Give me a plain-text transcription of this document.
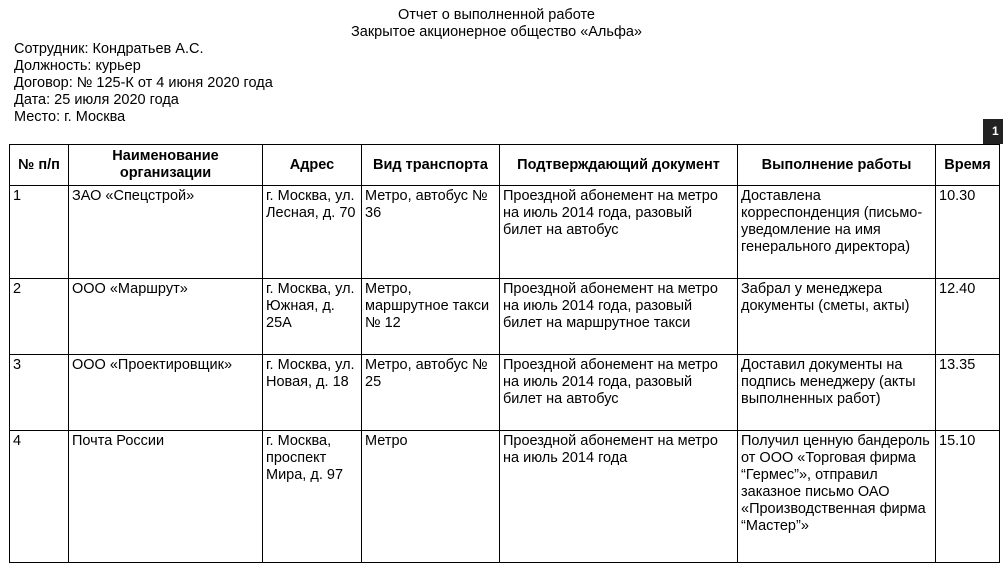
Отчет о выполненной работе
Закрытое акционерное общество «Альфа»
Сотрудник: Кондратьев А.С.
Должность: курьер
Договор: № 125-К от 4 июня 2020 года
Дата: 25 июля 2020 года
Место: г. Москва
1
№ п/п	Наименование организации	Адрес	Вид транспорта	Подтверждающий документ	Выполнение работы	Время
1	ЗАО «Спецстрой»	г. Москва, ул. Лесная, д. 70	Метро, автобус № 36	Проездной абонемент на метро на июль 2014 года, разовый билет на автобус	Доставлена корреспонденция (письмо-уведомление на имя генерального директора)	10.30
2	ООО «Маршрут»	г. Москва, ул. Южная, д. 25А	Метро, маршрутное такси № 12	Проездной абонемент на метро на июль 2014 года, разовый билет на маршрутное такси	Забрал у менеджера документы (сметы, акты)	12.40
3	ООО «Проектировщик»	г. Москва, ул. Новая, д. 18	Метро, автобус № 25	Проездной абонемент на метро на июль 2014 года, разовый билет на автобус	Доставил документы на подпись менеджеру (акты выполненных работ)	13.35
4	Почта России	г. Москва, проспект Мира, д. 97	Метро	Проездной абонемент на метро на июль 2014 года	Получил ценную бандероль от ООО «Торговая фирма “Гермес”», отправил заказное письмо ОАО «Производственная фирма “Мастер”»	15.10
